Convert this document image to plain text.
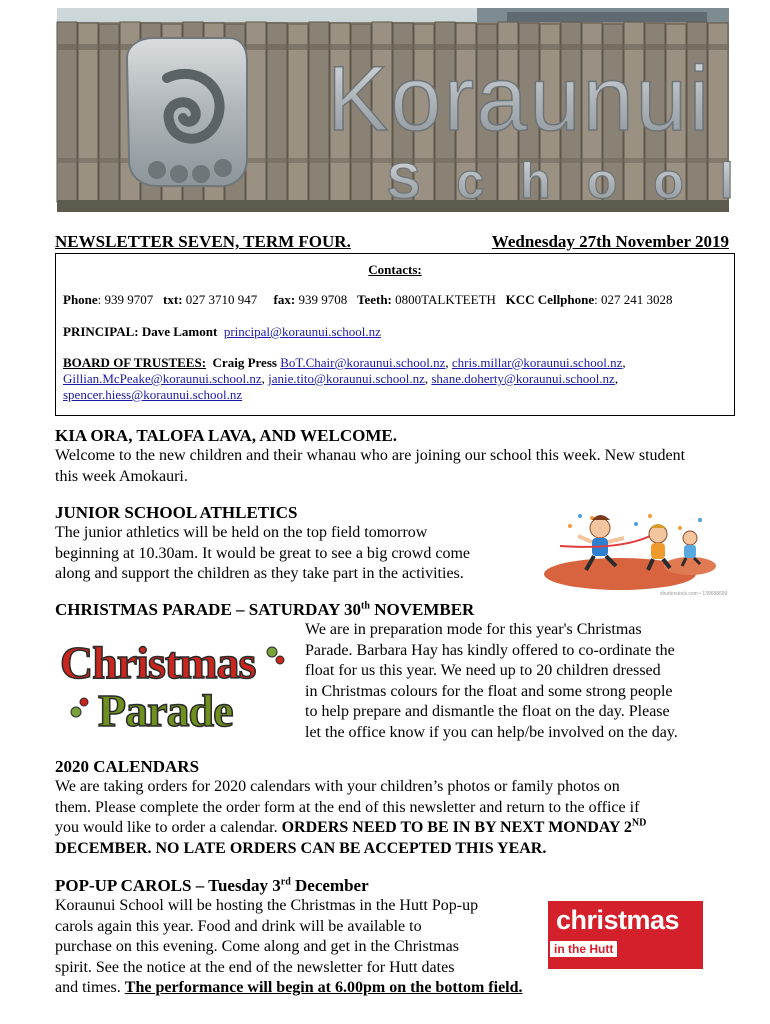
Koraunui
School
NEWSLETTER SEVEN, TERM FOUR.	Wednesday 27th November 2019
Contacts:
Phone: 939 9707 txt: 027 3710 947 fax: 939 9708 Teeth: 0800TALKTEETH KCC Cellphone: 027 241 3028
PRINCIPAL: Dave Lamont principal@koraunui.school.nz
BOARD OF TRUSTEES: Craig Press BoT.Chair@koraunui.school.nz, chris.millar@koraunui.school.nz,
Gillian.McPeake@koraunui.school.nz, janie.tito@koraunui.school.nz, shane.doherty@koraunui.school.nz,
spencer.hiess@koraunui.school.nz
KIA ORA, TALOFA LAVA, AND WELCOME.
Welcome to the new children and their whanau who are joining our school this week. New student
this week Amokauri.
JUNIOR SCHOOL ATHLETICS
The junior athletics will be held on the top field tomorrow
beginning at 10.30am. It would be great to see a big crowd come
along and support the children as they take part in the activities.
shutterstock.com • 139688699
CHRISTMAS PARADE – SATURDAY 30th NOVEMBER
Christmas
Parade
We are in preparation mode for this year's Christmas
Parade. Barbara Hay has kindly offered to co-ordinate the
float for us this year. We need up to 20 children dressed
in Christmas colours for the float and some strong people
to help prepare and dismantle the float on the day. Please
let the office know if you can help/be involved on the day.
2020 CALENDARS
We are taking orders for 2020 calendars with your children’s photos or family photos on
them. Please complete the order form at the end of this newsletter and return to the office if
you would like to order a calendar. ORDERS NEED TO BE IN BY NEXT MONDAY 2ND
DECEMBER. NO LATE ORDERS CAN BE ACCEPTED THIS YEAR.
POP-UP CAROLS – Tuesday 3rd December
Koraunui School will be hosting the Christmas in the Hutt Pop-up
carols again this year. Food and drink will be available to
purchase on this evening. Come along and get in the Christmas
spirit. See the notice at the end of the newsletter for Hutt dates
and times. The performance will begin at 6.00pm on the bottom field.
christmas
in the Hutt
